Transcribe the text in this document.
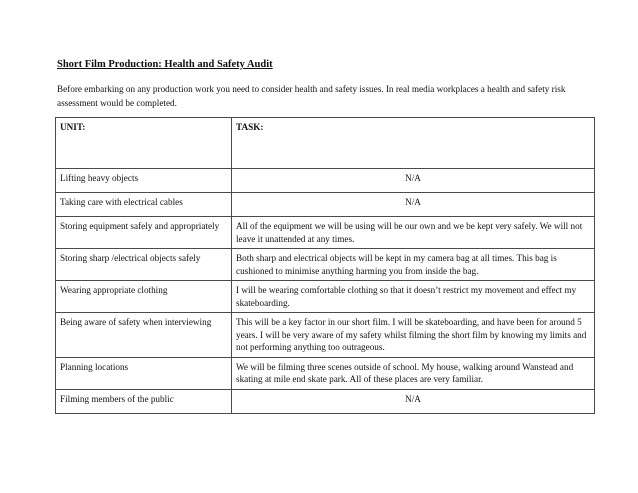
Short Film Production: Health and Safety Audit
Before embarking on any production work you need to consider health and safety issues. In real media workplaces a health and safety risk assessment would be completed.
UNIT:	TASK:
Lifting heavy objects	N/A
Taking care with electrical cables	N/A
Storing equipment safely and appropriately	All of the equipment we will be using will be our own and we be kept very safely. We will not leave it unattended at any times.
Storing sharp /electrical objects safely	Both sharp and electrical objects will be kept in my camera bag at all times. This bag is cushioned to minimise anything harming you from inside the bag.
Wearing appropriate clothing	I will be wearing comfortable clothing so that it doesn’t restrict my movement and effect my skateboarding.
Being aware of safety when interviewing	This will be a key factor in our short film. I will be skateboarding, and have been for around 5 years. I will be very aware of my safety whilst filming the short film by knowing my limits and not performing anything too outrageous.
Planning locations	We will be filming three scenes outside of school. My house, walking around Wanstead and skating at mile end skate park. All of these places are very familiar.
Filming members of the public	N/A
